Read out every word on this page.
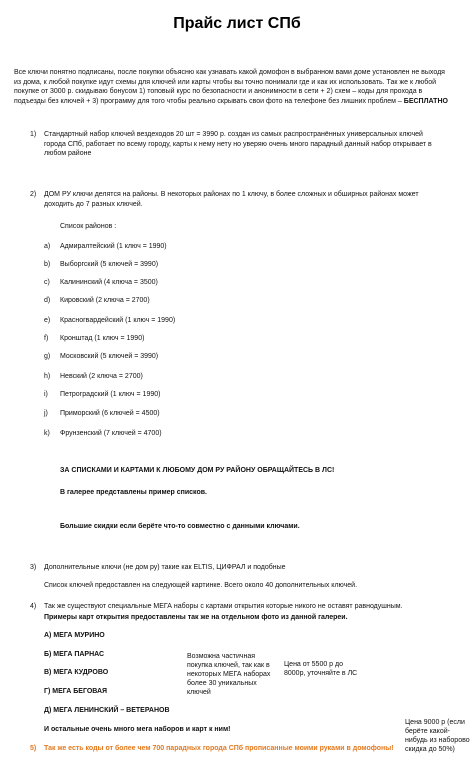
Прайс лист СПб
Все ключи понятно подписаны, после покупки объясню как узнавать какой домофон в выбранном вами доме установлен не выходя из дома, к любой покупке идут схемы для ключей или карты чтобы вы точно понимали где и как их использовать. Так же к любой покупке от 3000 р. скидываю бонусом 1) топовый курс по безопасности и анонимности в сети + 2) схем – коды для прохода в подъезды без ключей + 3) программу для того чтобы реально скрывать свои фото на телефоне без лишних проблем – БЕСПЛАТНО
1)	Стандартный набор ключей вездеходов 20 шт = 3990 р. создан из самых распространённых универсальных ключей города СПб, работает по всему городу, карты к нему нету но уверяю очень много парадный данный набор открывает в любом районе
2)	ДОМ РУ ключи делятся на районы. В некоторых районах по 1 ключу, в более сложных и обширных районах может доходить до 7 разных ключей.
Список районов :
а) Адмиралтейский (1 ключ = 1990)
b) Выборгский (5 ключей = 3990)
c) Калининский (4 ключа = 3500)
d) Кировский (2 ключа = 2700)
e) Красногвардейский (1 ключ = 1990)
f) Кронштад (1 ключ = 1990)
g) Московский (5 ключей = 3990)
h) Невский (2 ключа = 2700)
i) Петроградский (1 ключ = 1990)
j) Приморский (6 ключей = 4500)
k) Фрунзенский (7 ключей = 4700)
ЗА СПИСКАМИ И КАРТАМИ К ЛЮБОМУ ДОМ РУ РАЙОНУ ОБРАЩАЙТЕСЬ В ЛС!
В галерее представлены пример списков.
Большие скидки если берёте что-то совместно с данными ключами.
3)	Дополнительные ключи (не дом ру) такие как ELTIS, ЦИФРАЛ и подобные
Список ключей предоставлен на следующей картинке. Всего около 40 дополнительных ключей.
4)	Так же существуют специальные МЕГА наборы с картами открытия которые никого не оставят равнодушным.
Примеры карт открытия предоставлены так же на отдельном фото из данной галереи.
А) МЕГА МУРИНО
Б) МЕГА ПАРНАС
В) МЕГА КУДРОВО
Г) МЕГА БЕГОВАЯ
Д) МЕГА ЛЕНИНСКИЙ – ВЕТЕРАНОВ
Возможна частичная покупка ключей, так как в некоторых МЕГА наборах более 30 уникальных ключей
Цена от 5500 р до 8000р, уточняйте в ЛС
И остальные очень много мега наборов и карт к ним!
Цена 9000 р (если берёте какой-нибудь из наборово скидка до 50%)
5)	Так же есть коды от более чем 700 парадных города СПб прописанные моими руками в домофоны!
